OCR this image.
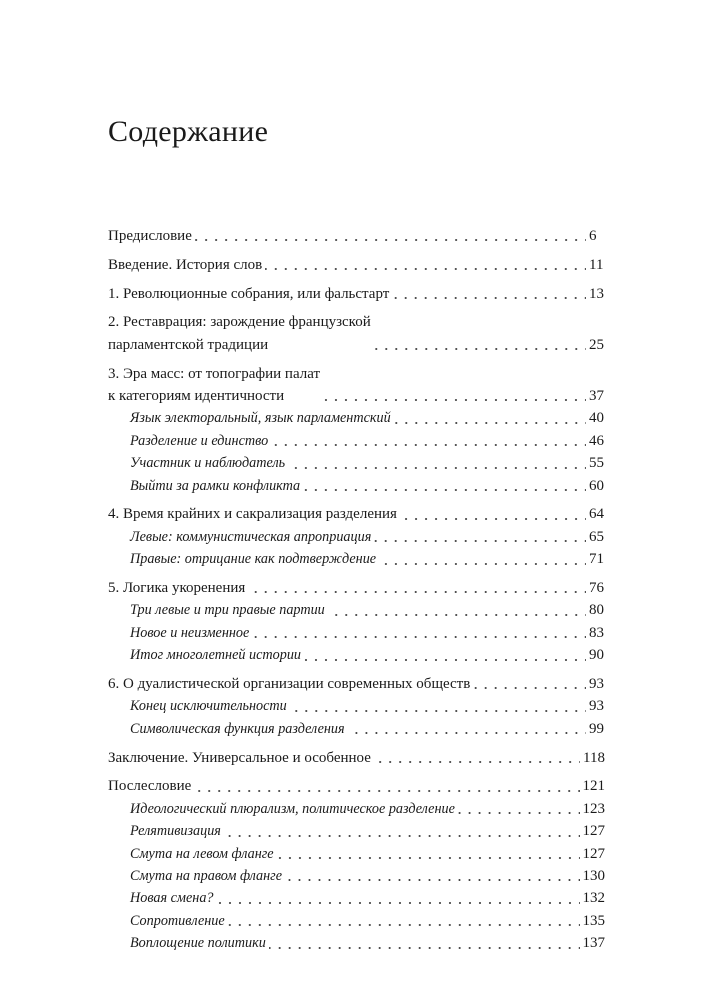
Содержание
Предисловие	6
Введение. История слов	11
1. Революционные собрания, или фальстарт	13
2. Реставрация: зарождение французской
парламентской традиции	25
3. Эра масс: от топографии палат
к категориям идентичности	37
Язык электоральный, язык парламентский	40
Разделение и единство	46
Участник и наблюдатель	55
Выйти за рамки конфликта	60
4. Время крайних и сакрализация разделения	64
Левые: коммунистическая апроприация	65
Правые: отрицание как подтверждение	71
5. Логика укоренения	76
Три левые и три правые партии	80
Новое и неизменное	83
Итог многолетней истории	90
6. О дуалистической организации современных обществ	93
Конец исключительности	93
Символическая функция разделения	99
Заключение. Универсальное и особенное	118
Послесловие	121
Идеологический плюрализм, политическое разделение	123
Релятивизация	127
Смута на левом фланге	127
Смута на правом фланге	130
Новая смена?	132
Сопротивление	135
Воплощение политики	137
